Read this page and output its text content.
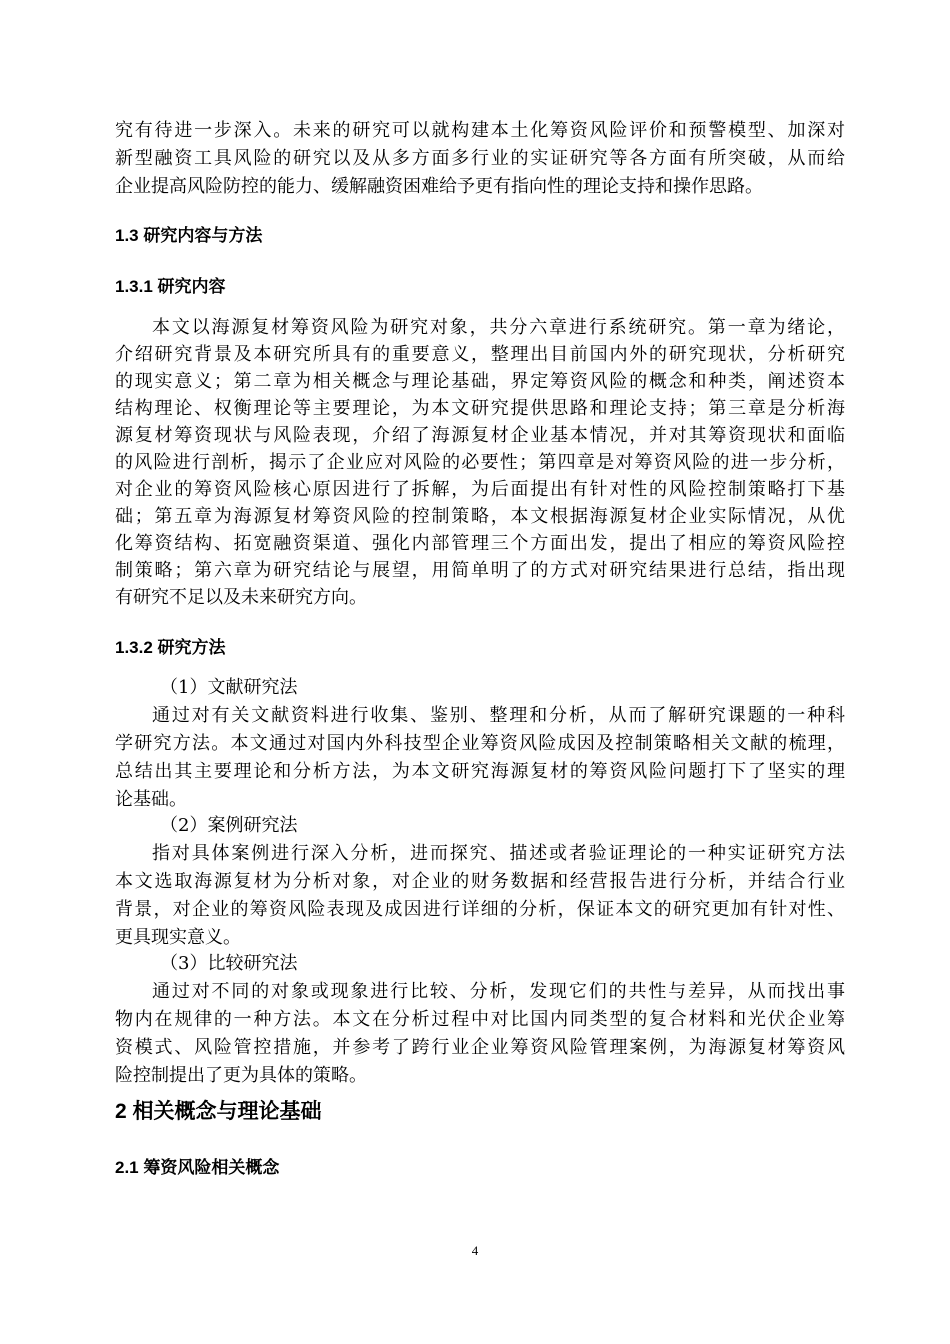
究有待进一步深入。未来的研究可以就构建本土化筹资风险评价和预警模型、加深对
新型融资工具风险的研究以及从多方面多行业的实证研究等各方面有所突破，从而给
企业提高风险防控的能力、缓解融资困难给予更有指向性的理论支持和操作思路。
1.3 研究内容与方法
1.3.1 研究内容
本文以海源复材筹资风险为研究对象，共分六章进行系统研究。第一章为绪论，
介绍研究背景及本研究所具有的重要意义，整理出目前国内外的研究现状，分析研究
的现实意义；第二章为相关概念与理论基础，界定筹资风险的概念和种类，阐述资本
结构理论、权衡理论等主要理论，为本文研究提供思路和理论支持；第三章是分析海
源复材筹资现状与风险表现，介绍了海源复材企业基本情况，并对其筹资现状和面临
的风险进行剖析，揭示了企业应对风险的必要性；第四章是对筹资风险的进一步分析，
对企业的筹资风险核心原因进行了拆解，为后面提出有针对性的风险控制策略打下基
础；第五章为海源复材筹资风险的控制策略，本文根据海源复材企业实际情况，从优
化筹资结构、拓宽融资渠道、强化内部管理三个方面出发，提出了相应的筹资风险控
制策略；第六章为研究结论与展望，用简单明了的方式对研究结果进行总结，指出现
有研究不足以及未来研究方向。
1.3.2 研究方法
（1）文献研究法
通过对有关文献资料进行收集、鉴别、整理和分析，从而了解研究课题的一种科
学研究方法。本文通过对国内外科技型企业筹资风险成因及控制策略相关文献的梳理，
总结出其主要理论和分析方法，为本文研究海源复材的筹资风险问题打下了坚实的理
论基础。
（2）案例研究法
指对具体案例进行深入分析，进而探究、描述或者验证理论的一种实证研究方法
本文选取海源复材为分析对象，对企业的财务数据和经营报告进行分析，并结合行业
背景，对企业的筹资风险表现及成因进行详细的分析，保证本文的研究更加有针对性、
更具现实意义。
（3）比较研究法
通过对不同的对象或现象进行比较、分析，发现它们的共性与差异，从而找出事
物内在规律的一种方法。本文在分析过程中对比国内同类型的复合材料和光伏企业筹
资模式、风险管控措施，并参考了跨行业企业筹资风险管理案例，为海源复材筹资风
险控制提出了更为具体的策略。
2 相关概念与理论基础
2.1 筹资风险相关概念
4
